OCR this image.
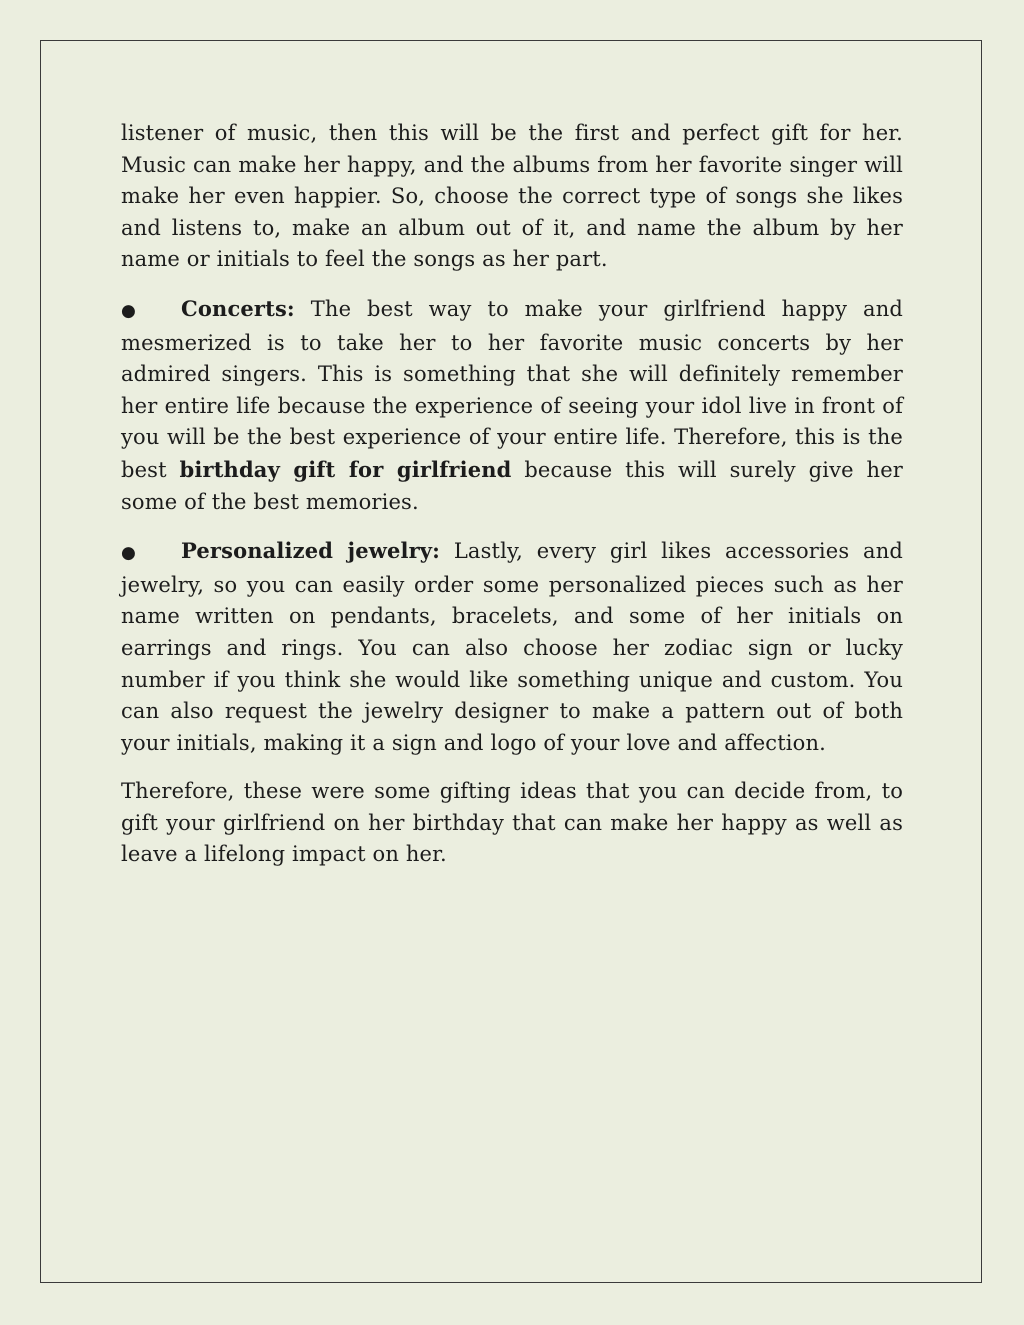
listener of music, then this will be the first and perfect gift for her. Music can make her happy, and the albums from her favorite singer will make her even happier. So, choose the correct type of songs she likes and listens to, make an album out of it, and name the album by her name or initials to feel the songs as her part.

● Concerts: The best way to make your girlfriend happy and mesmerized is to take her to her favorite music concerts by her admired singers. This is something that she will definitely remember her entire life because the experience of seeing your idol live in front of you will be the best experience of your entire life. Therefore, this is the best birthday gift for girlfriend because this will surely give her some of the best memories.

● Personalized jewelry: Lastly, every girl likes accessories and jewelry, so you can easily order some personalized pieces such as her name written on pendants, bracelets, and some of her initials on earrings and rings. You can also choose her zodiac sign or lucky number if you think she would like something unique and custom. You can also request the jewelry designer to make a pattern out of both your initials, making it a sign and logo of your love and affection.

Therefore, these were some gifting ideas that you can decide from, to gift your girlfriend on her birthday that can make her happy as well as leave a lifelong impact on her.
